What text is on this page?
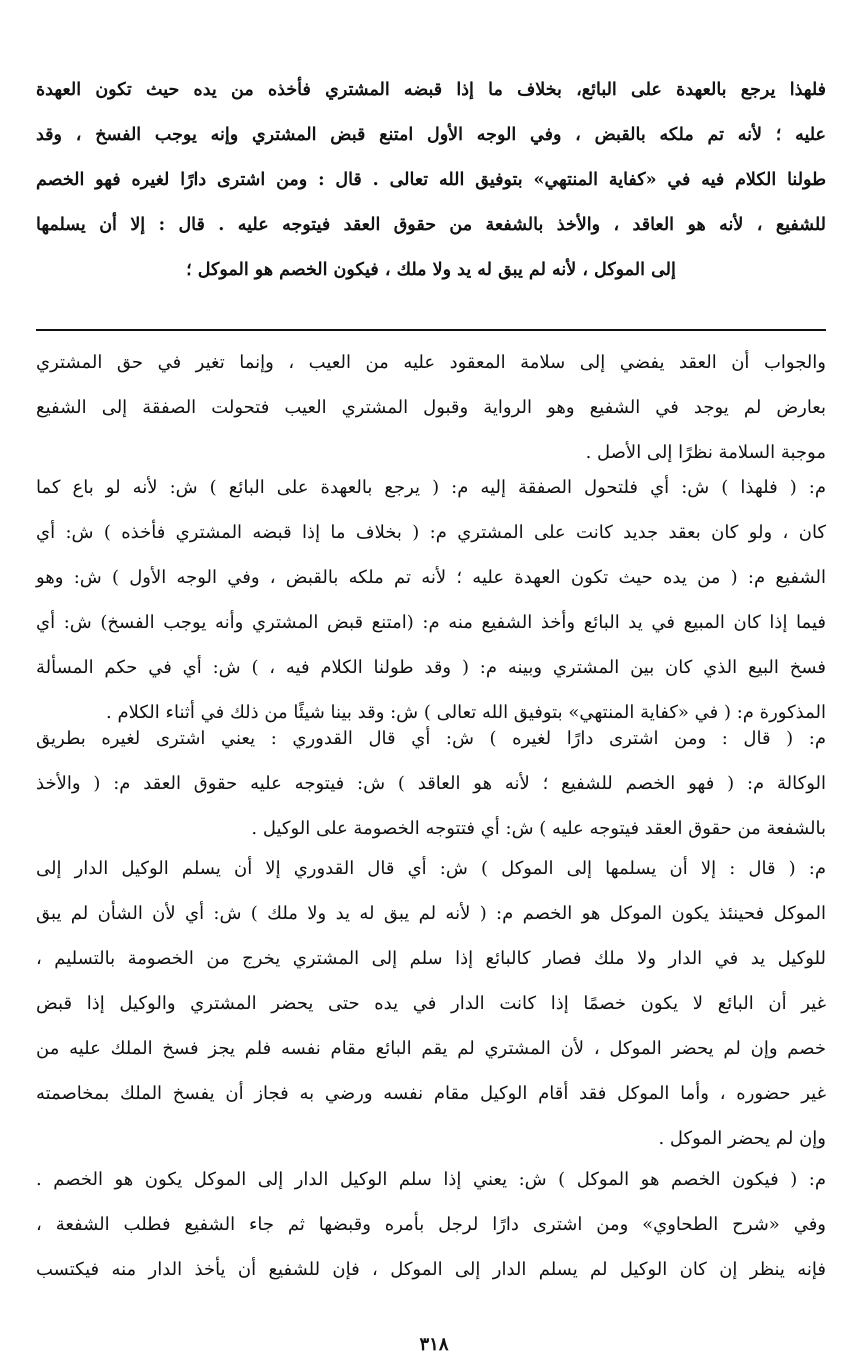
فلهذا يرجع بالعهدة على البائع، بخلاف ما إذا قبضه المشتري فأخذه من يده حيث تكون العهدة
عليه ؛ لأنه تم ملكه بالقبض ، وفي الوجه الأول امتنع قبض المشتري وإنه يوجب الفسخ ، وقد
طولنا الكلام فيه في «كفاية المنتهي» بتوفيق الله تعالى . قال : ومن اشترى دارًا لغيره فهو الخصم
للشفيع ، لأنه هو العاقد ، والأخذ بالشفعة من حقوق العقد فيتوجه عليه . قال : إلا أن يسلمها
إلى الموكل ، لأنه لم يبق له يد ولا ملك ، فيكون الخصم هو الموكل ؛
والجواب أن العقد يفضي إلى سلامة المعقود عليه من العيب ، وإنما تغير في حق المشتري
بعارض لم يوجد في الشفيع وهو الرواية وقبول المشتري العيب فتحولت الصفقة إلى الشفيع
موجبة السلامة نظرًا إلى الأصل .
م: ( فلهذا ) ش: أي فلتحول الصفقة إليه م: ( يرجع بالعهدة على البائع ) ش: لأنه لو باع كما
كان ، ولو كان بعقد جديد كانت على المشتري م: ( بخلاف ما إذا قبضه المشتري فأخذه ) ش: أي
الشفيع م: ( من يده حيث تكون العهدة عليه ؛ لأنه تم ملكه بالقبض ، وفي الوجه الأول ) ش: وهو
فيما إذا كان المبيع في يد البائع وأخذ الشفيع منه م: (امتنع قبض المشتري وأنه يوجب الفسخ) ش: أي
فسخ البيع الذي كان بين المشتري وبينه م: ( وقد طولنا الكلام فيه ، ) ش: أي في حكم المسألة
المذكورة م: ( في «كفاية المنتهي» بتوفيق الله تعالى ) ش: وقد بينا شيئًا من ذلك في أثناء الكلام .
م: ( قال : ومن اشترى دارًا لغيره ) ش: أي قال القدوري : يعني اشترى لغيره بطريق
الوكالة م: ( فهو الخصم للشفيع ؛ لأنه هو العاقد ) ش: فيتوجه عليه حقوق العقد م: ( والأخذ
بالشفعة من حقوق العقد فيتوجه عليه ) ش: أي فتتوجه الخصومة على الوكيل .
م: ( قال : إلا أن يسلمها إلى الموكل ) ش: أي قال القدوري إلا أن يسلم الوكيل الدار إلى
الموكل فحينئذ يكون الموكل هو الخصم م: ( لأنه لم يبق له يد ولا ملك ) ش: أي لأن الشأن لم يبق
للوكيل يد في الدار ولا ملك فصار كالبائع إذا سلم إلى المشتري يخرج من الخصومة بالتسليم ،
غير أن البائع لا يكون خصمًا إذا كانت الدار في يده حتى يحضر المشتري والوكيل إذا قبض
خصم وإن لم يحضر الموكل ، لأن المشتري لم يقم البائع مقام نفسه فلم يجز فسخ الملك عليه من
غير حضوره ، وأما الموكل فقد أقام الوكيل مقام نفسه ورضي به فجاز أن يفسخ الملك بمخاصمته
وإن لم يحضر الموكل .
م: ( فيكون الخصم هو الموكل ) ش: يعني إذا سلم الوكيل الدار إلى الموكل يكون هو الخصم .
وفي «شرح الطحاوي» ومن اشترى دارًا لرجل بأمره وقبضها ثم جاء الشفيع فطلب الشفعة ،
فإنه ينظر إن كان الوكيل لم يسلم الدار إلى الموكل ، فإن للشفيع أن يأخذ الدار منه فيكتسب
٣١٨
